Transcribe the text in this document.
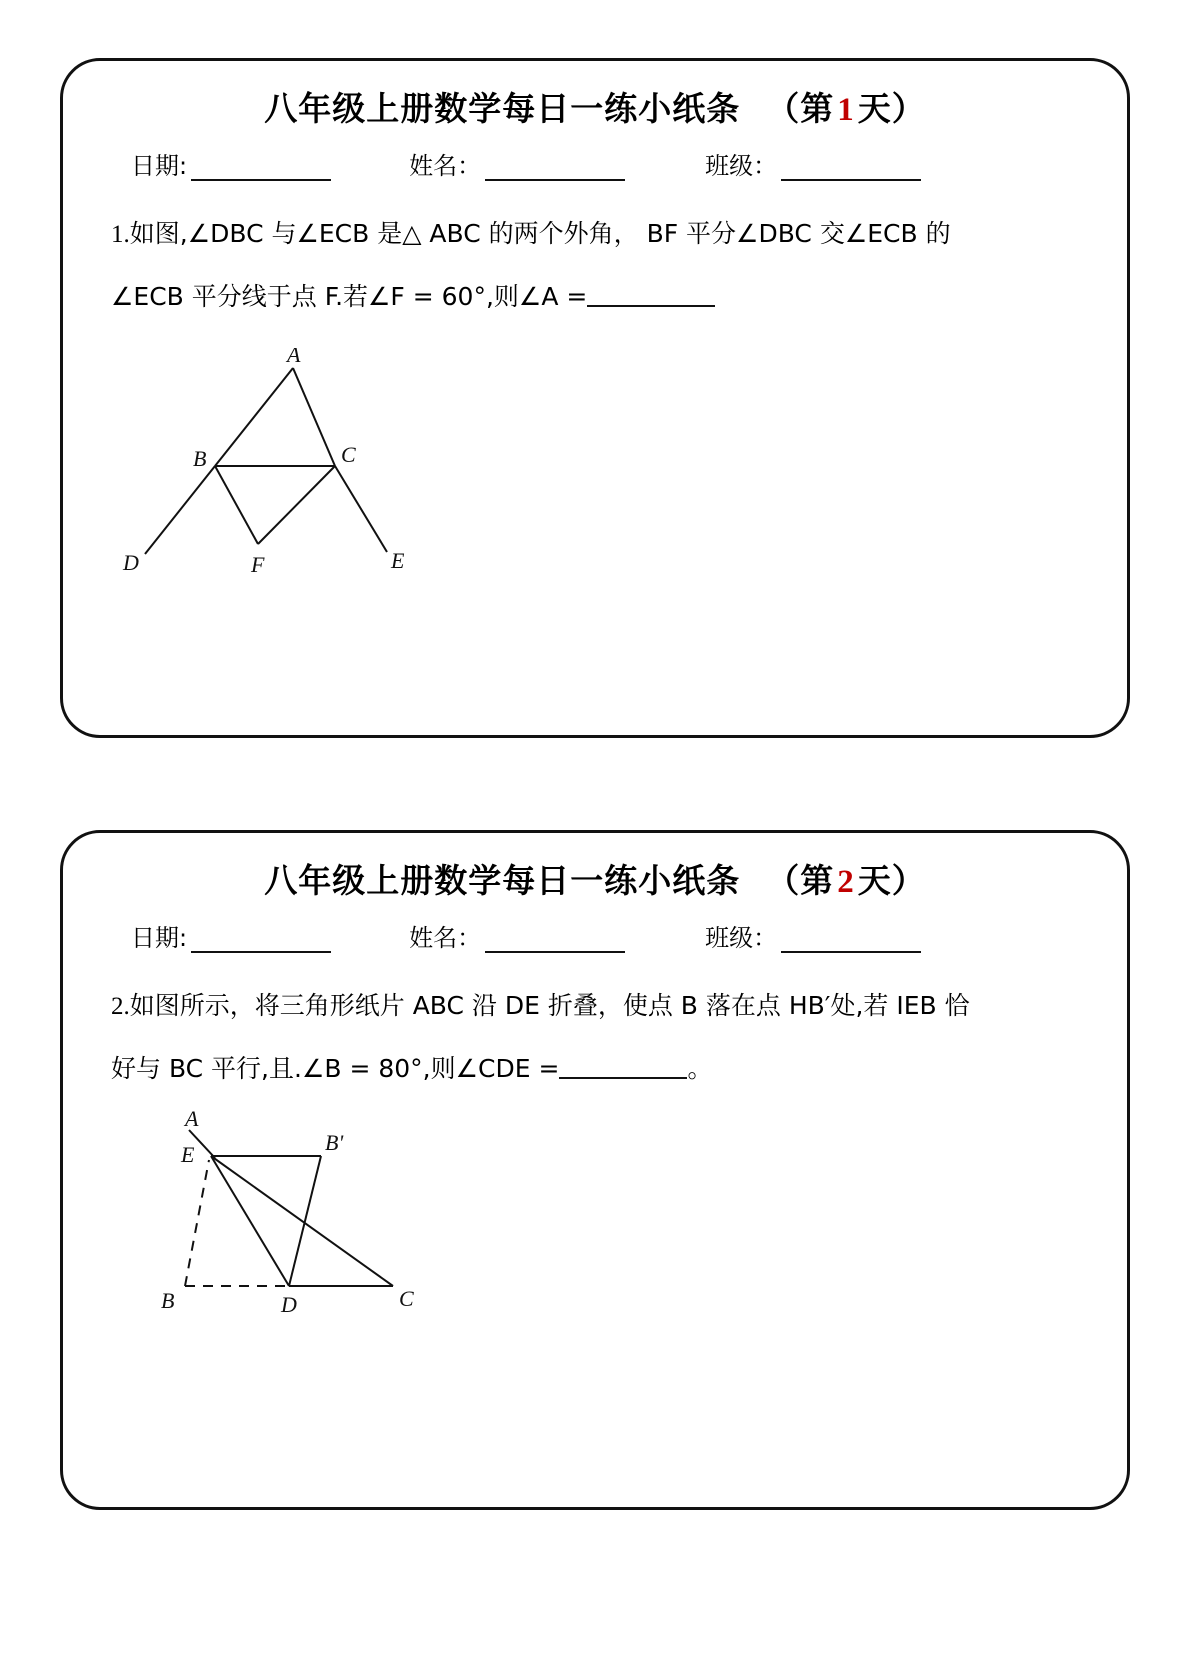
八年级上册数学每日一练小纸条 （第1天）
日期:	姓名：	班级：
1.如图,∠DBC 与∠ECB 是△ ABC 的两个外角， BF 平分∠DBC 交∠ECB 的
∠ECB 平分线于点 F.若∠F = 60°,则∠A =
A
B	C
D	E
F
八年级上册数学每日一练小纸条 （第2天）
日期:	姓名：	班级：
2.如图所示，将三角形纸片 ABC 沿 DE 折叠，使点 B 落在点 HB′处,若 IEB 恰
好与 BC 平行,且.∠B = 80°,则∠CDE =	。
A
E	B'
B	D	C
